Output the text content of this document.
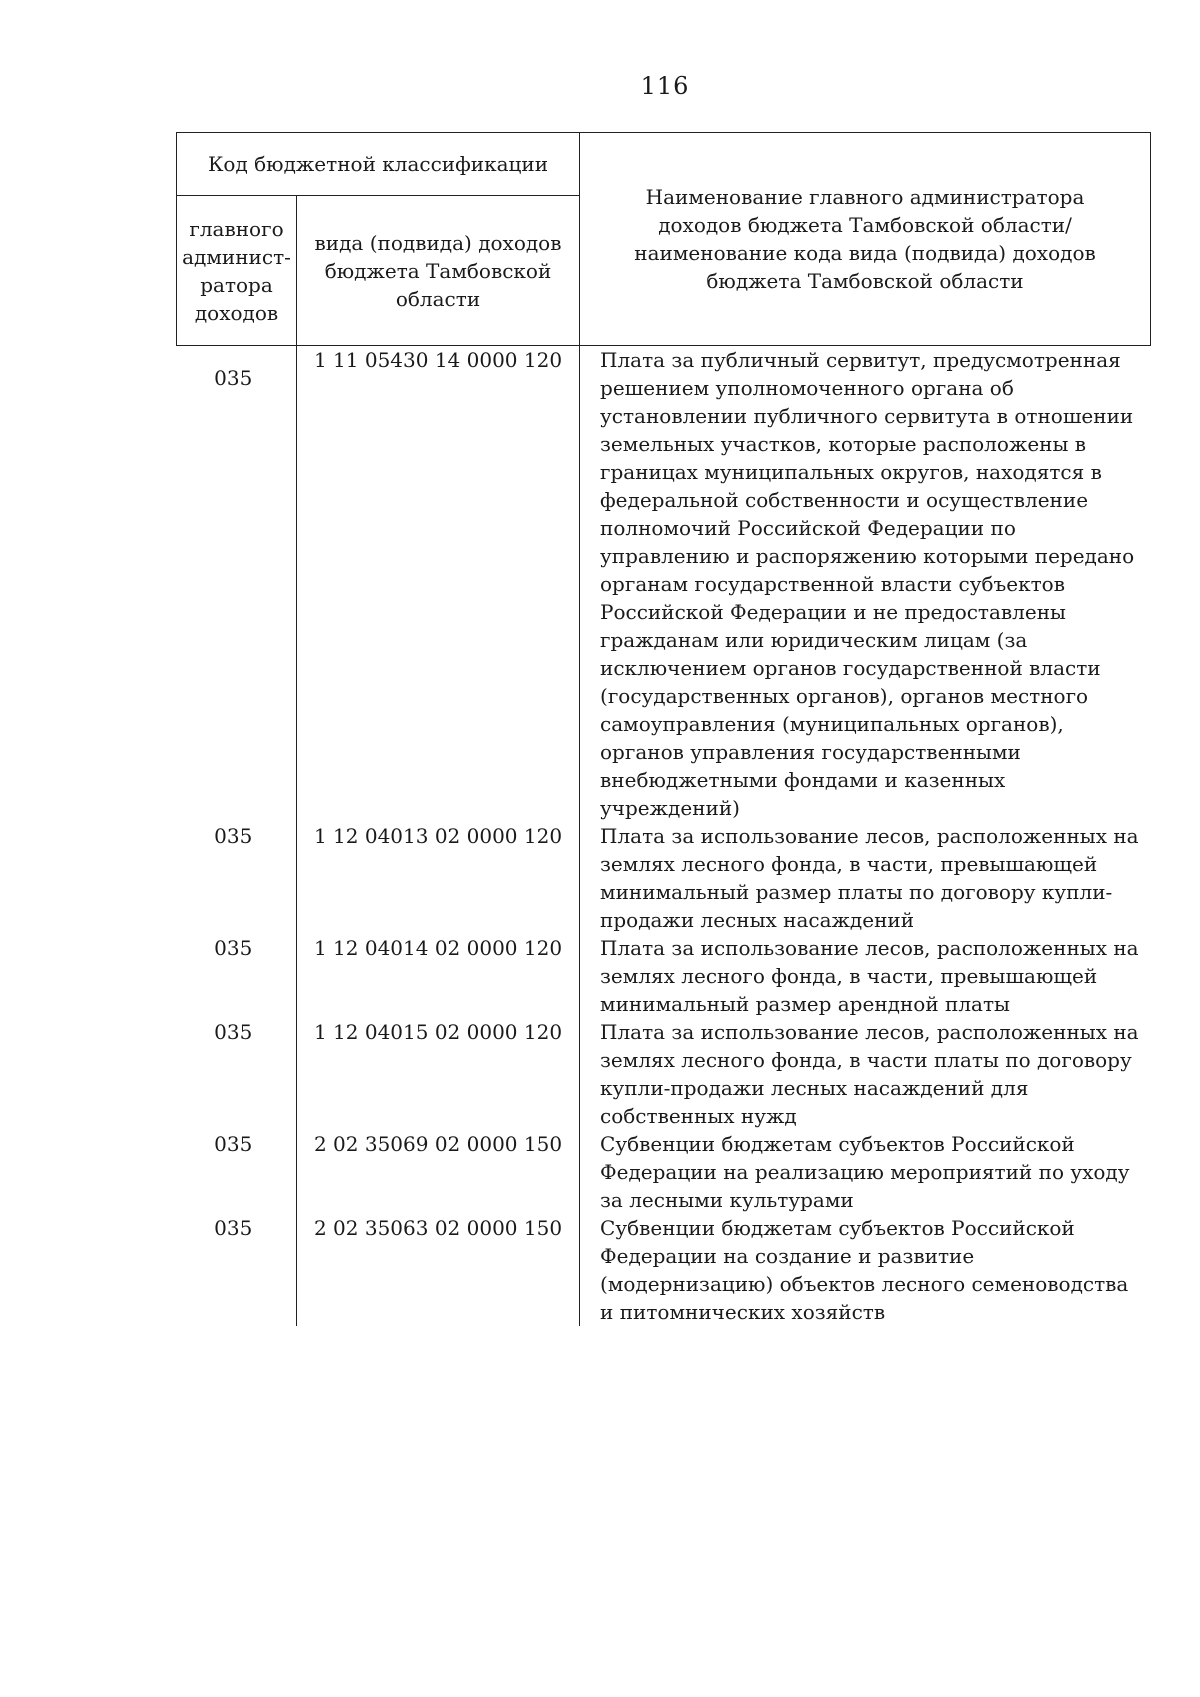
116
Код бюджетной классификации		Наименование главного администратора доходов бюджета Тамбовской области/наименование кода вида (подвида) доходов бюджета Тамбовской области
главного админист-ратора доходов	вида (подвида) доходов бюджета Тамбовской области	
035	1 11 05430 14 0000 120	Плата за публичный сервитут, предусмотренная решением уполномоченного органа об установлении публичного сервитута в отношении земельных участков, которые расположены в границах муниципальных округов, находятся в федеральной собственности и осуществление полномочий Российской Федерации по управлению и распоряжению которыми передано органам государственной власти субъектов Российской Федерации и не предоставлены гражданам или юридическим лицам (за исключением органов государственной власти (государственных органов), органов местного самоуправления (муниципальных органов), органов управления государственными внебюджетными фондами и казенных учреждений)
035	1 12 04013 02 0000 120	Плата за использование лесов, расположенных на землях лесного фонда, в части, превышающей минимальный размер платы по договору купли-продажи лесных насаждений
035	1 12 04014 02 0000 120	Плата за использование лесов, расположенных на землях лесного фонда, в части, превышающей минимальный размер арендной платы
035	1 12 04015 02 0000 120	Плата за использование лесов, расположенных на землях лесного фонда, в части платы по договору купли-продажи лесных насаждений для собственных нужд
035	2 02 35069 02 0000 150	Субвенции бюджетам субъектов Российской Федерации на реализацию мероприятий по уходу за лесными культурами
035	2 02 35063 02 0000 150	Субвенции бюджетам субъектов Российской Федерации на создание и развитие (модернизацию) объектов лесного семеноводства и питомнических хозяйств
